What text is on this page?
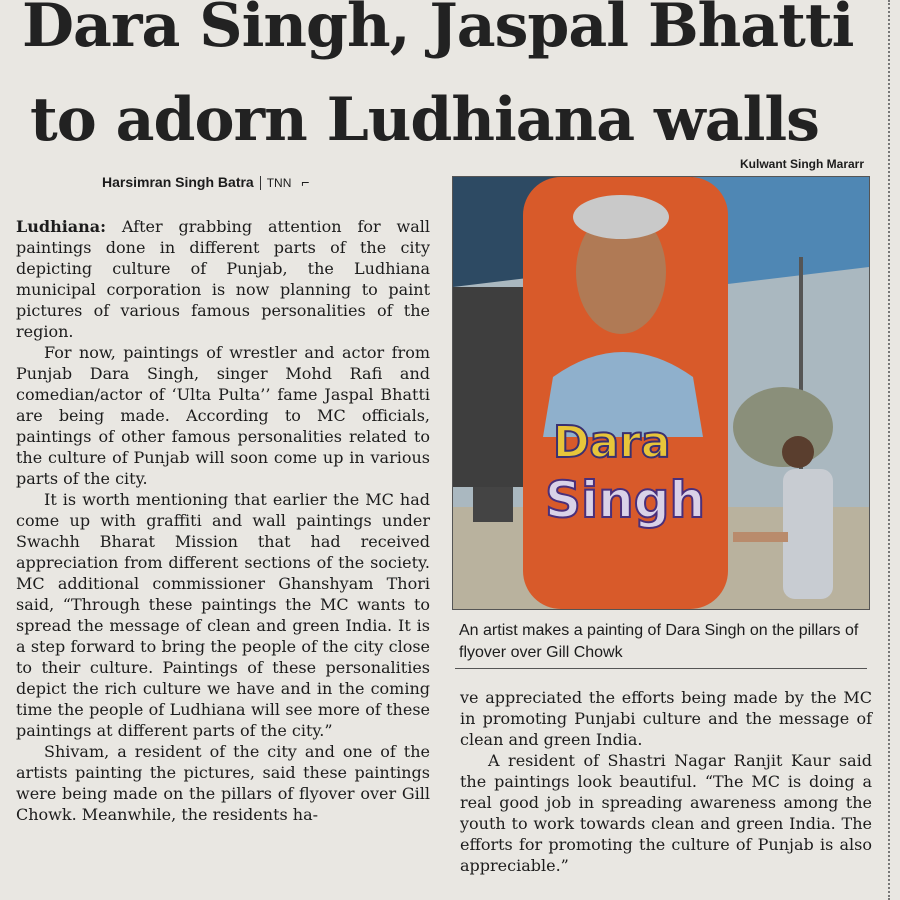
Dara Singh, Jaspal Bhatti
to adorn Ludhiana walls
Kulwant Singh Mararr
Harsimran Singh Batra TNN ⌐

Ludhiana: After grabbing attention for wall paintings done in different parts of the city depicting culture of Punjab, the Ludhiana municipal corporation is now planning to paint pictures of various famous personalities of the region.

For now, paintings of wrestler and actor from Punjab Dara Singh, singer Mohd Rafi and comedian/actor of ‘Ulta Pulta’’ fame Jaspal Bhatti are being made. According to MC officials, paintings of other famous personalities related to the culture of Punjab will soon come up in various parts of the city.

It is worth mentioning that earlier the MC had come up with graffiti and wall paintings under Swachh Bharat Mission that had received appreciation from different sections of the society. MC additional commissioner Ghanshyam Thori said, “Through these paintings the MC wants to spread the message of clean and green India. It is a step forward to bring the people of the city close to their culture. Paintings of these personalities depict the rich culture we have and in the coming time the people of Ludhiana will see more of these paintings at different parts of the city.”

Shivam, a resident of the city and one of the artists painting the pictures, said these paintings were being made on the pillars of flyover over Gill Chowk. Meanwhile, the residents ha-

Dara
Singh
An artist makes a painting of Dara Singh on the pillars of flyover over Gill Chowk

ve appreciated the efforts being made by the MC in promoting Punjabi culture and the message of clean and green India.

A resident of Shastri Nagar Ranjit Kaur said the paintings look beautiful. “The MC is doing a real good job in spreading awareness among the youth to work towards clean and green India. The efforts for promoting the culture of Punjab is also appreciable.”
